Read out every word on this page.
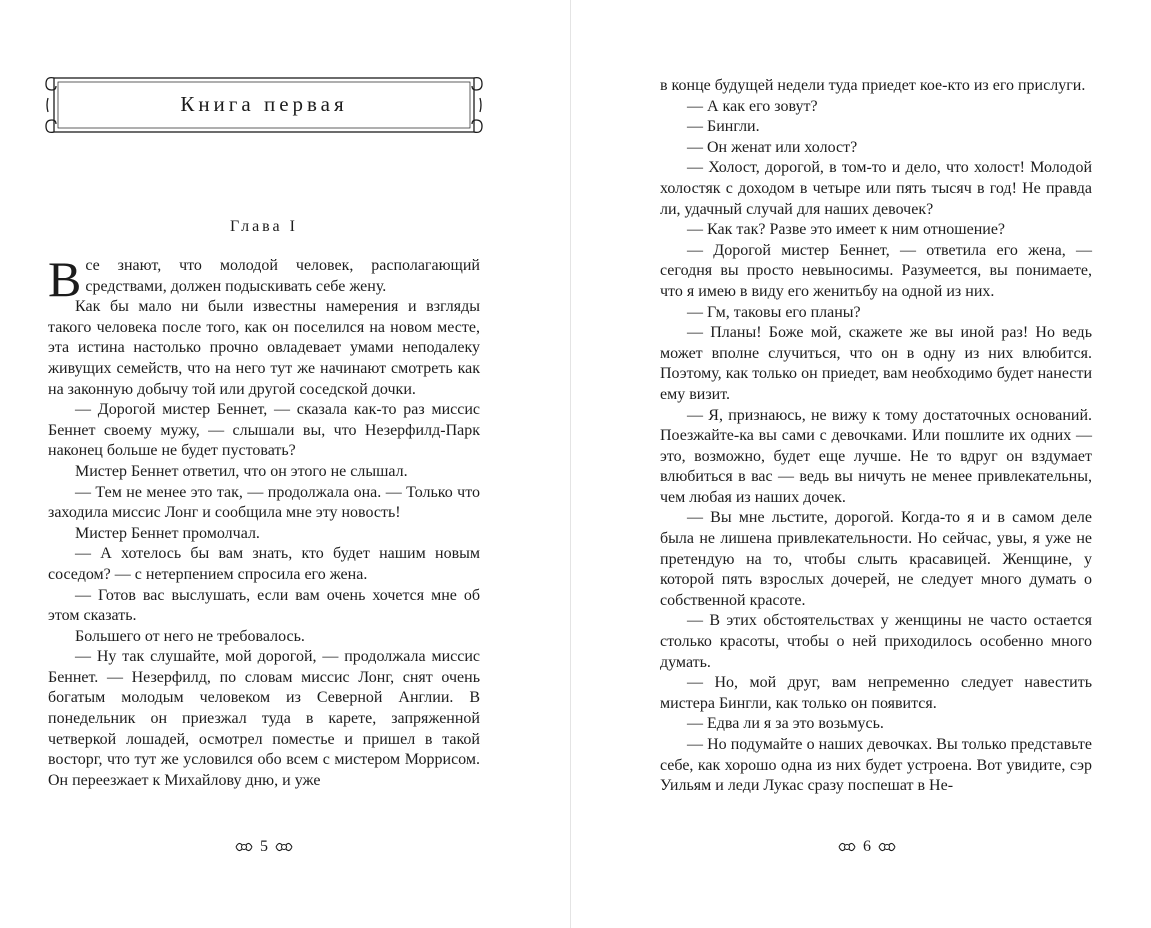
Книга первая
Глава I

Все знают, что молодой человек, располагающий средствами, должен подыскивать себе жену.

Как бы мало ни были известны намерения и взгляды такого человека после того, как он поселился на новом месте, эта истина настолько прочно овладевает умами неподалеку живущих семейств, что на него тут же начинают смотреть как на законную добычу той или другой соседской дочки.

— Дорогой мистер Беннет, — сказала как-то раз миссис Беннет своему мужу, — слышали вы, что Незерфилд-Парк наконец больше не будет пустовать?

Мистер Беннет ответил, что он этого не слышал.

— Тем не менее это так, — продолжала она. — Только что заходила миссис Лонг и сообщила мне эту новость!

Мистер Беннет промолчал.

— А хотелось бы вам знать, кто будет нашим новым соседом? — с нетерпением спросила его жена.

— Готов вас выслушать, если вам очень хочется мне об этом сказать.

Большего от него не требовалось.

— Ну так слушайте, мой дорогой, — продолжала миссис Беннет. — Незерфилд, по словам миссис Лонг, снят очень богатым молодым человеком из Северной Англии. В понедельник он приезжал туда в карете, запряженной четверкой лошадей, осмотрел поместье и пришел в такой восторг, что тут же условился обо всем с мистером Моррисом. Он переезжает к Михайлову дню, и уже

5

в конце будущей недели туда приедет кое-кто из его прислуги.

— А как его зовут?

— Бингли.

— Он женат или холост?

— Холост, дорогой, в том-то и дело, что холост! Молодой холостяк с доходом в четыре или пять тысяч в год! Не правда ли, удачный случай для наших девочек?

— Как так? Разве это имеет к ним отношение?

— Дорогой мистер Беннет, — ответила его жена, — сегодня вы просто невыносимы. Разумеется, вы понимаете, что я имею в виду его женитьбу на одной из них.

— Гм, таковы его планы?

— Планы! Боже мой, скажете же вы иной раз! Но ведь может вполне случиться, что он в одну из них влюбится. Поэтому, как только он приедет, вам необходимо будет нанести ему визит.

— Я, признаюсь, не вижу к тому достаточных оснований. Поезжайте-ка вы сами с девочками. Или пошлите их одних — это, возможно, будет еще лучше. Не то вдруг он вздумает влюбиться в вас — ведь вы ничуть не менее привлекательны, чем любая из наших дочек.

— Вы мне льстите, дорогой. Когда-то я и в самом деле была не лишена привлекательности. Но сейчас, увы, я уже не претендую на то, чтобы слыть красавицей. Женщине, у которой пять взрослых дочерей, не следует много думать о собственной красоте.

— В этих обстоятельствах у женщины не часто остается столько красоты, чтобы о ней приходилось особенно много думать.

— Но, мой друг, вам непременно следует навестить мистера Бингли, как только он появится.

— Едва ли я за это возьмусь.

— Но подумайте о наших девочках. Вы только представьте себе, как хорошо одна из них будет устроена. Вот увидите, сэр Уильям и леди Лукас сразу поспешат в Не-

6
